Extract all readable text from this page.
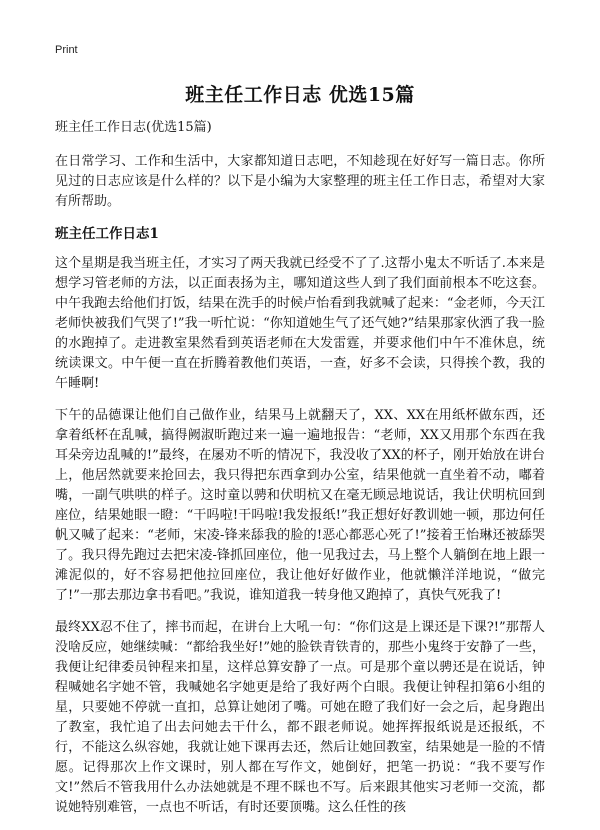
Print
班主任工作日志 优选15篇

班主任工作日志(优选15篇)

在日常学习、工作和生活中，大家都知道日志吧，不知趁现在好好写一篇日志。你所见过的日志应该是什么样的？以下是小编为大家整理的班主任工作日志，希望对大家有所帮助。

班主任工作日志1

这个星期是我当班主任，才实习了两天我就已经受不了了.这帮小鬼太不听话了.本来是想学习管老师的方法，以正面表扬为主，哪知道这些人到了我们面前根本不吃这套。中午我跑去给他们打饭，结果在洗手的时候卢怡看到我就喊了起来：“金老师，今天江老师快被我们气哭了!”我一听忙说：“你知道她生气了还气她?”结果那家伙洒了我一脸的水跑掉了。走进教室果然看到英语老师在大发雷霆，并要求他们中午不准休息，统统读课文。中午便一直在折腾着教他们英语，一查，好多不会读，只得挨个教，我的午睡啊!

下午的品德课让他们自己做作业，结果马上就翻天了，XX、XX在用纸杯做东西，还拿着纸杯在乱喊，搞得阙淑昕跑过来一遍一遍地报告：“老师，XX又用那个东西在我耳朵旁边乱喊的!”最终，在屡劝不听的情况下，我没收了XX的杯子，刚开始放在讲台上，他居然就要来抢回去，我只得把东西拿到办公室，结果他就一直坐着不动，嘟着嘴，一副气哄哄的样子。这时童以骋和伏明杭又在毫无顾忌地说话，我让伏明杭回到座位，结果她眼一瞪：“干吗啦!干吗啦!我发报纸!”我正想好好教训她一顿，那边何任帆又喊了起来：“老师，宋凌-锋来舔我的脸的!恶心都恶心死了!”接着王怡琳还被舔哭了。我只得先跑过去把宋凌-锋抓回座位，他一见我过去，马上整个人躺倒在地上跟一滩泥似的，好不容易把他拉回座位，我让他好好做作业，他就懒洋洋地说，“做完了!”一那去那边拿书看吧。”我说，谁知道我一转身他又跑掉了，真快气死我了!

最终XX忍不住了，摔书而起，在讲台上大吼一句：“你们这是上课还是下课?!”那帮人没啥反应，她继续喊：“都给我坐好!”她的脸铁青铁青的，那些小鬼终于安静了一些，我便让纪律委员钟程来扣星，这样总算安静了一点。可是那个童以骋还是在说话，钟程喊她名字她不管，我喊她名字她更是给了我好两个白眼。我便让钟程扣第6小组的星，只要她不停就一直扣，总算让她闭了嘴。可她在瞪了我们好一会之后，起身跑出了教室，我忙追了出去问她去干什么，都不跟老师说。她挥挥报纸说是还报纸，不行，不能这么纵容她，我就让她下课再去还，然后让她回教室，结果她是一脸的不情愿。记得那次上作文课时，别人都在写作文，她倒好，把笔一扔说：“我不要写作文!”然后不管我用什么办法她就是不理不睬也不写。后来跟其他实习老师一交流，都说她特别难管，一点也不听话，有时还要顶嘴。这么任性的孩
